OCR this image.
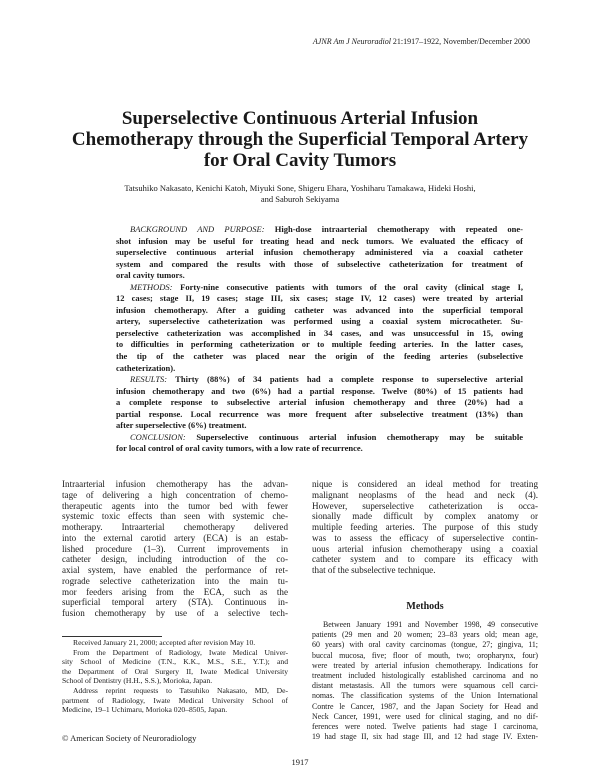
AJNR Am J Neuroradiol 21:1917–1922, November/December 2000
Superselective Continuous Arterial Infusion
Chemotherapy through the Superficial Temporal Artery
for Oral Cavity Tumors
Tatsuhiko Nakasato, Kenichi Katoh, Miyuki Sone, Shigeru Ehara, Yoshiharu Tamakawa, Hideki Hoshi,
and Saburoh Sekiyama
BACKGROUND AND PURPOSE: High-dose intraarterial chemotherapy with repeated one-
shot infusion may be useful for treating head and neck tumors. We evaluated the efficacy of
superselective continuous arterial infusion chemotherapy administered via a coaxial catheter
system and compared the results with those of subselective catheterization for treatment of
oral cavity tumors.
METHODS: Forty-nine consecutive patients with tumors of the oral cavity (clinical stage I,
12 cases; stage II, 19 cases; stage III, six cases; stage IV, 12 cases) were treated by arterial
infusion chemotherapy. After a guiding catheter was advanced into the superficial temporal
artery, superselective catheterization was performed using a coaxial system microcatheter. Su-
perselective catheterization was accomplished in 34 cases, and was unsuccessful in 15, owing
to difficulties in performing catheterization or to multiple feeding arteries. In the latter cases,
the tip of the catheter was placed near the origin of the feeding arteries (subselective
catheterization).
RESULTS: Thirty (88%) of 34 patients had a complete response to superselective arterial
infusion chemotherapy and two (6%) had a partial response. Twelve (80%) of 15 patients had
a complete response to subselective arterial infusion chemotherapy and three (20%) had a
partial response. Local recurrence was more frequent after subselective treatment (13%) than
after superselective (6%) treatment.
CONCLUSION: Superselective continuous arterial infusion chemotherapy may be suitable
for local control of oral cavity tumors, with a low rate of recurrence.
Intraarterial infusion chemotherapy has the advan-
tage of delivering a high concentration of chemo-
therapeutic agents into the tumor bed with fewer
systemic toxic effects than seen with systemic che-
motherapy. Intraarterial chemotherapy delivered
into the external carotid artery (ECA) is an estab-
lished procedure (1–3). Current improvements in
catheter design, including introduction of the co-
axial system, have enabled the performance of ret-
rograde selective catheterization into the main tu-
mor feeders arising from the ECA, such as the
superficial temporal artery (STA). Continuous in-
fusion chemotherapy by use of a selective tech-
nique is considered an ideal method for treating
malignant neoplasms of the head and neck (4).
However, superselective catheterization is occa-
sionally made difficult by complex anatomy or
multiple feeding arteries. The purpose of this study
was to assess the efficacy of superselective contin-
uous arterial infusion chemotherapy using a coaxial
catheter system and to compare its efficacy with
that of the subselective technique.
Received January 21, 2000; accepted after revision May 10.
From the Department of Radiology, Iwate Medical Univer-
sity School of Medicine (T.N., K.K., M.S., S.E., Y.T.); and
the Department of Oral Surgery II, Iwate Medical University
School of Dentistry (H.H., S.S.), Morioka, Japan.
Address reprint requests to Tatsuhiko Nakasato, MD, De-
partment of Radiology, Iwate Medical University School of
Medicine, 19–1 Uchimaru, Morioka 020–8505, Japan.
© American Society of Neuroradiology
Methods
Between January 1991 and November 1998, 49 consecutive
patients (29 men and 20 women; 23–83 years old; mean age,
60 years) with oral cavity carcinomas (tongue, 27; gingiva, 11;
buccal mucosa, five; floor of mouth, two; oropharynx, four)
were treated by arterial infusion chemotherapy. Indications for
treatment included histologically established carcinoma and no
distant metastasis. All the tumors were squamous cell carci-
nomas. The classification systems of the Union International
Contre le Cancer, 1987, and the Japan Society for Head and
Neck Cancer, 1991, were used for clinical staging, and no dif-
ferences were noted. Twelve patients had stage I carcinoma,
19 had stage II, six had stage III, and 12 had stage IV. Exten-
1917
